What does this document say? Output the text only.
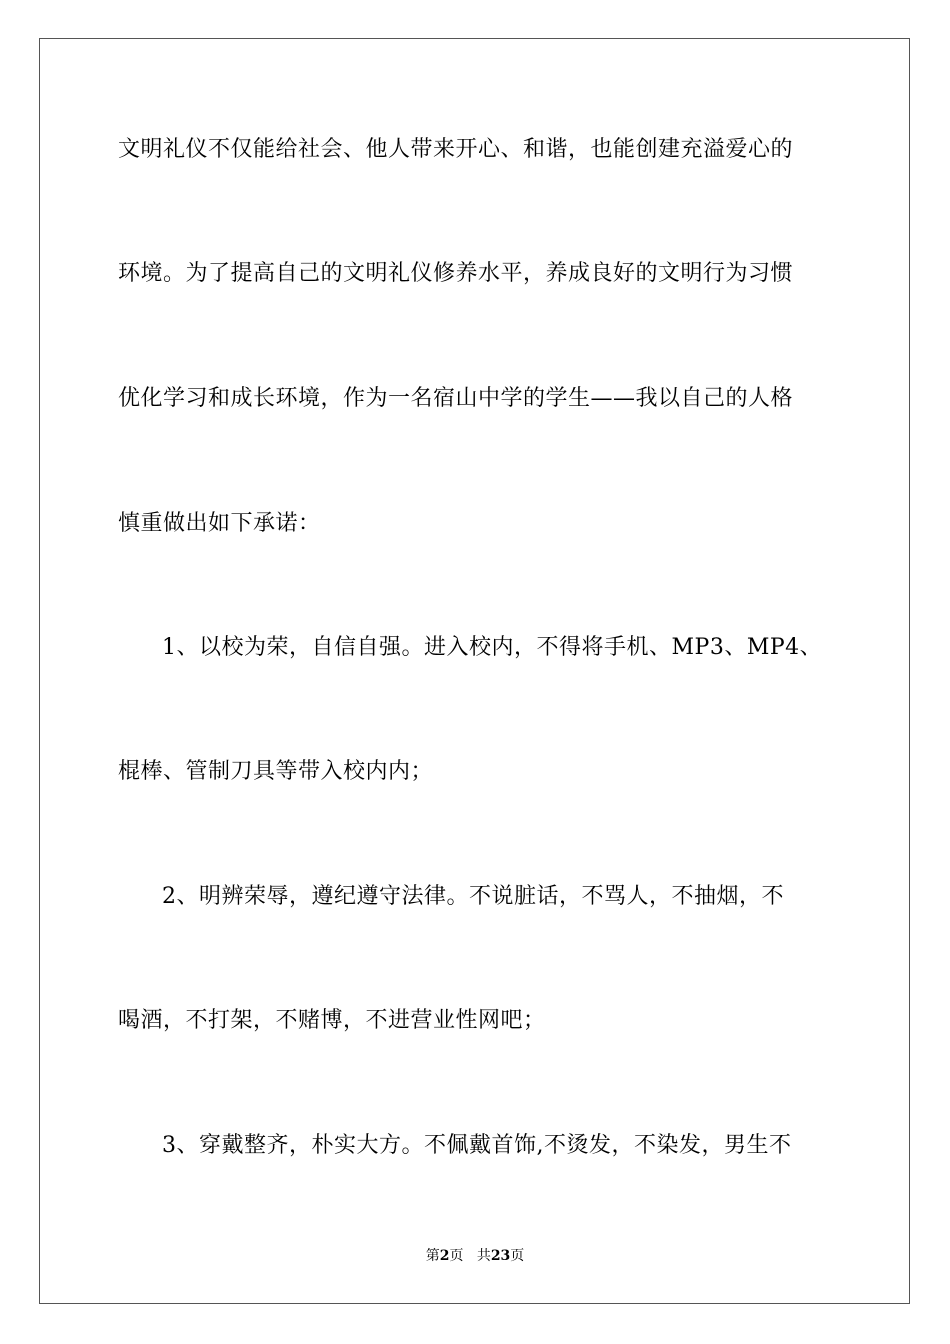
文明礼仪不仅能给社会、他人带来开心、和谐，也能创建充溢爱心的
环境。为了提高自己的文明礼仪修养水平，养成良好的文明行为习惯
优化学习和成长环境，作为一名宿山中学的学生——我以自己的人格
慎重做出如下承诺：
1、以校为荣，自信自强。进入校内，不得将手机、MP3、MP4、
棍棒、管制刀具等带入校内内；
2、明辨荣辱，遵纪遵守法律。不说脏话，不骂人，不抽烟，不
喝酒，不打架，不赌博，不进营业性网吧；
3、穿戴整齐，朴实大方。不佩戴首饰,不烫发，不染发，男生不
第2页 共23页
